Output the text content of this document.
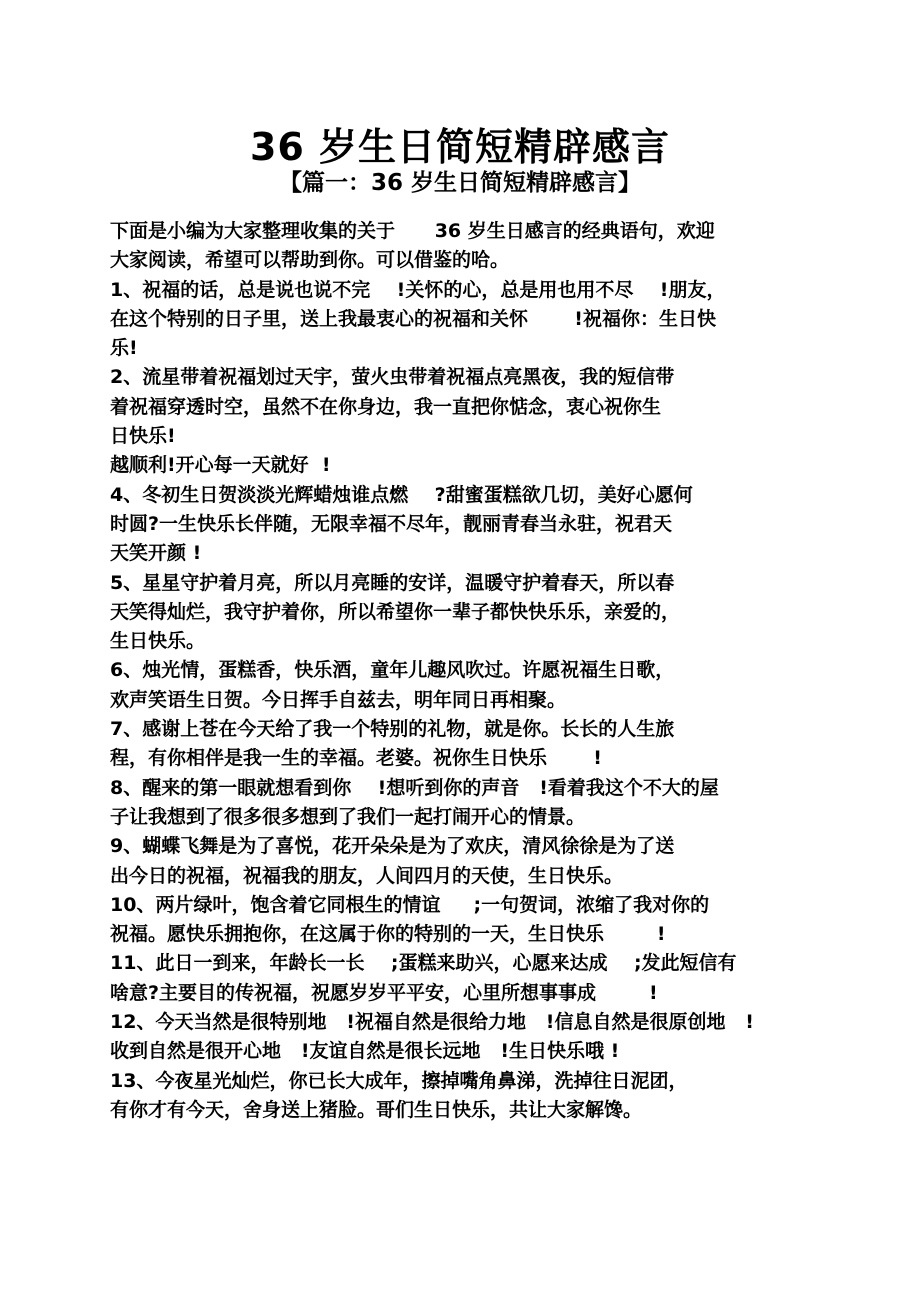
36 岁生日简短精辟感言
【篇一：36 岁生日简短精辟感言】
下面是小编为大家整理收集的关于      36 岁生日感言的经典语句，欢迎
大家阅读，希望可以帮助到你。可以借鉴的哈。
1、祝福的话，总是说也说不完    !关怀的心，总是用也用不尽    !朋友，
在这个特别的日子里，送上我最衷心的祝福和关怀       !祝福你：生日快
乐!
2、流星带着祝福划过天宇，萤火虫带着祝福点亮黑夜，我的短信带
着祝福穿透时空，虽然不在你身边，我一直把你惦念，衷心祝你生
日快乐!
越顺利!开心每一天就好  !
4、冬初生日贺淡淡光辉蜡烛谁点燃    ?甜蜜蛋糕欲几切，美好心愿何
时圆?一生快乐长伴随，无限幸福不尽年，靓丽青春当永驻，祝君天
天笑开颜 !
5、星星守护着月亮，所以月亮睡的安详，温暖守护着春天，所以春
天笑得灿烂，我守护着你，所以希望你一辈子都快快乐乐，亲爱的，
生日快乐。
6、烛光情，蛋糕香，快乐酒，童年儿趣风吹过。许愿祝福生日歌，
欢声笑语生日贺。今日挥手自兹去，明年同日再相聚。
7、感谢上苍在今天给了我一个特别的礼物，就是你。长长的人生旅
程，有你相伴是我一生的幸福。老婆。祝你生日快乐       !
8、醒来的第一眼就想看到你    !想听到你的声音   !看着我这个不大的屋
子让我想到了很多很多想到了我们一起打闹开心的情景。
9、蝴蝶飞舞是为了喜悦，花开朵朵是为了欢庆，清风徐徐是为了送
出今日的祝福，祝福我的朋友，人间四月的天使，生日快乐。
10、两片绿叶，饱含着它同根生的情谊     ;一句贺词，浓缩了我对你的
祝福。愿快乐拥抱你，在这属于你的特别的一天，生日快乐        !
11、此日一到来，年龄长一长    ;蛋糕来助兴，心愿来达成    ;发此短信有
啥意?主要目的传祝福，祝愿岁岁平平安，心里所想事事成        !
12、今天当然是很特别地   !祝福自然是很给力地   !信息自然是很原创地   !
收到自然是很开心地   !友谊自然是很长远地   !生日快乐哦 !
13、今夜星光灿烂，你已长大成年，擦掉嘴角鼻涕，洗掉往日泥团，
有你才有今天，舍身送上猪脸。哥们生日快乐，共让大家解馋。
